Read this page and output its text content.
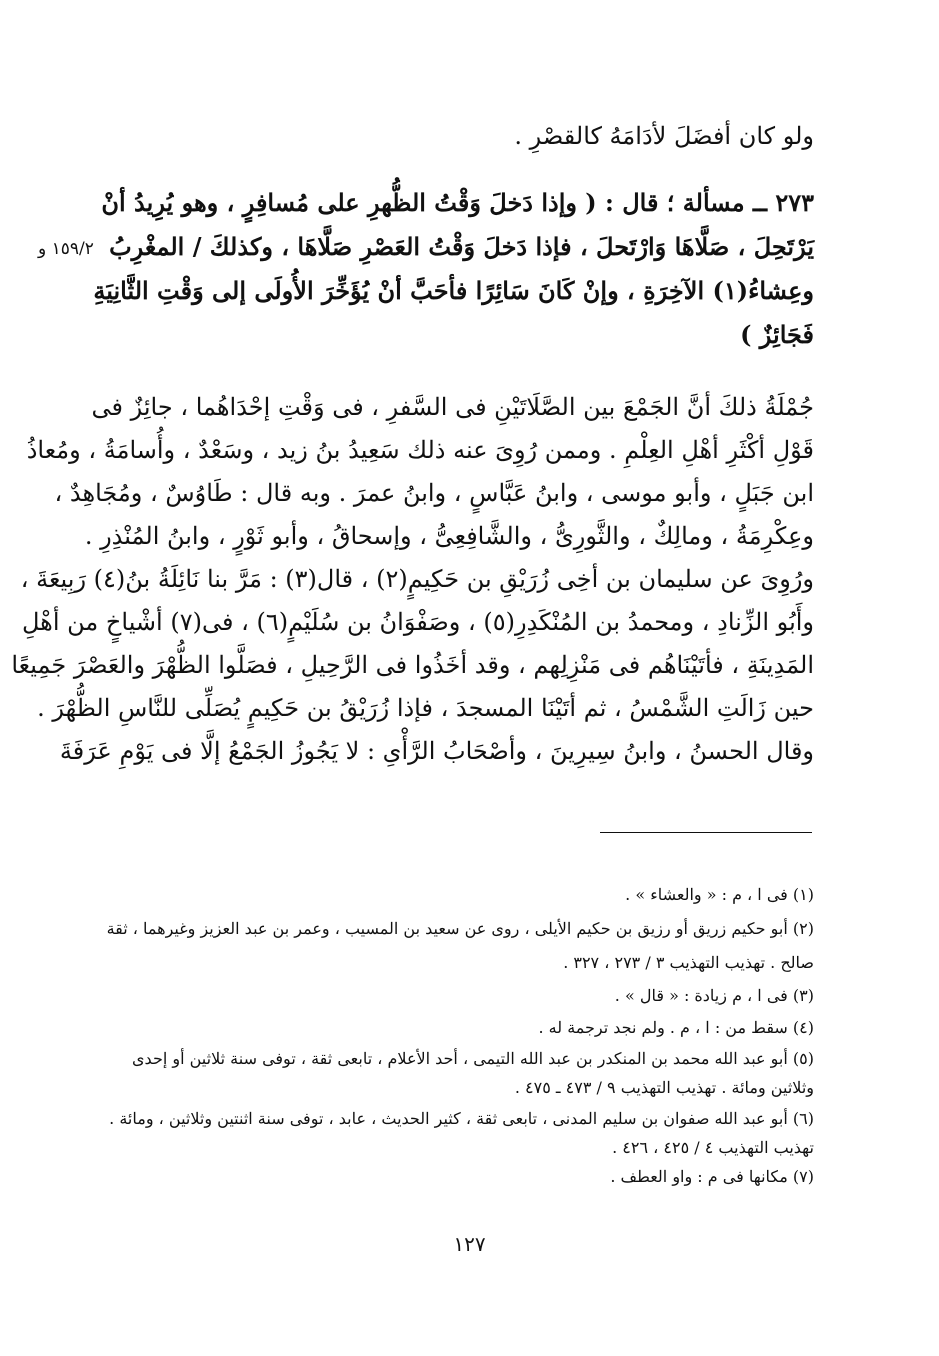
ولو كان أفضَلَ لأدَامَهُ كالقصْرِ .
٢٧٣ ــ مسألة ؛ قال : ( وإذا دَخلَ وَقْتُ الظُّهرِ على مُسافِرٍ ، وهو يُرِيدُ أنْ
يَرْتَحِلَ ، صَلَّاهَا وَارْتَحلَ ، فإذا دَخلَ وَقْتُ العَصْرِ صَلَّاهَا ، وكذلكَ / المغْرِبُ
وعِشاءُ(١) الآخِرَةِ ، وإنْ كَانَ سَائِرًا فأحَبَّ أنْ يُؤَخِّرَ الأُولَى إلى وَقْتِ الثَّانِيَةِ
فَجَائِزٌ )
١٥٩/٢ و
جُمْلَةُ ذلكَ أنَّ الجَمْعَ بين الصَّلَاتَيْنِ فى السَّفرِ ، فى وَقْتِ إحْدَاهُما ، جائِزٌ فى
قَوْلِ أكْثَرِ أهْلِ العِلْمِ . وممن رُوِىَ عنه ذلك سَعِيدُ بنُ زيد ، وسَعْدٌ ، وأُسامَةُ ، ومُعاذُ
ابن جَبَلٍ ، وأبو موسى ، وابنُ عَبَّاسٍ ، وابنُ عمرَ . وبه قال : طَاوُسٌ ، ومُجَاهِدٌ ،
وعِكْرِمَةُ ، ومالِكٌ ، والثَّورِىُّ ، والشَّافِعِىُّ ، وإسحاقُ ، وأبو ثَوْرٍ ، وابنُ المُنْذِرِ .
ورُوِىَ عن سليمان بن أخِى زُرَيْقِ بن حَكِيمٍ(٢) ، قال(٣) : مَرَّ بنا نَائِلَةُ بنُ(٤) رَبِيعَةَ ،
وأَبُو الزِّنادِ ، ومحمدُ بن المُنْكَدِرِ(٥) ، وصَفْوَانُ بن سُلَيْمٍ(٦) ، فى(٧) أشْياخٍ من أهْلِ
المَدِينَةِ ، فأتَيْنَاهُم فى مَنْزِلِهم ، وقد أخَذُوا فى الرَّحِيلِ ، فصَلَّوا الظُّهْرَ والعَصْرَ جَمِيعًا
حين زَالَتِ الشَّمْسُ ، ثم أتَيْنَا المسجدَ ، فإذا زُرَيْقُ بن حَكِيمٍ يُصَلِّى للنَّاسِ الظُّهْرَ .
وقال الحسنُ ، وابنُ سِيرِينَ ، وأصْحَابُ الرَّأْىِ : لا يَجُوزُ الجَمْعُ إلَّا فى يَوْمِ عَرَفَةَ
(١) فى ا ، م : « والعشاء » .
(٢) أبو حكيم زريق أو رزيق بن حكيم الأيلى ، روى عن سعيد بن المسيب ، وعمر بن عبد العزيز وغيرهما ، ثقة
صالح . تهذيب التهذيب ٣ / ٢٧٣ ، ٣٢٧ .
(٣) فى ا ، م زيادة : « قال » .
(٤) سقط من : ا ، م . ولم نجد ترجمة له .
(٥) أبو عبد الله محمد بن المنكدر بن عبد الله التيمى ، أحد الأعلام ، تابعى ثقة ، توفى سنة ثلاثين أو إحدى
وثلاثين ومائة . تهذيب التهذيب ٩ / ٤٧٣ ـ ٤٧٥ .
(٦) أبو عبد الله صفوان بن سليم المدنى ، تابعى ثقة ، كثير الحديث ، عابد ، توفى سنة اثنتين وثلاثين ، ومائة .
تهذيب التهذيب ٤ / ٤٢٥ ، ٤٢٦ .
(٧) مكانها فى م : واو العطف .
١٢٧
